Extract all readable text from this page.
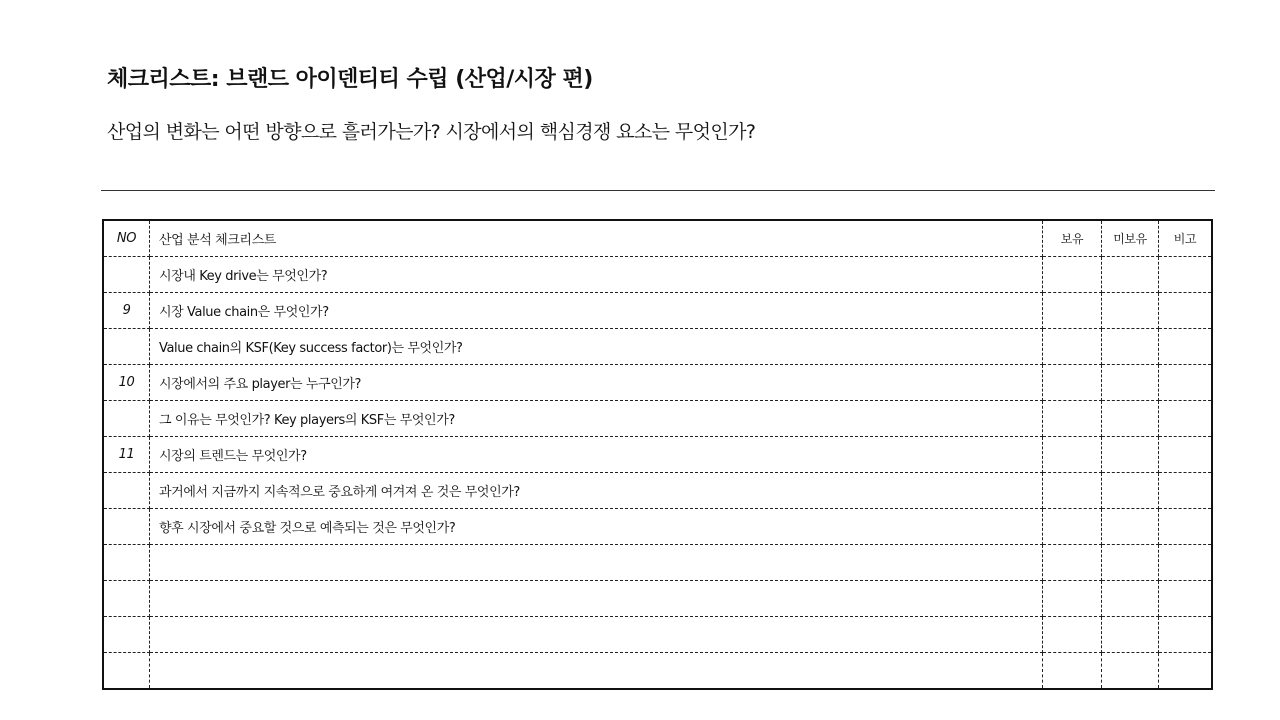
체크리스트: 브랜드 아이덴티티 수립 (산업/시장 편)
산업의 변화는 어떤 방향으로 흘러가는가? 시장에서의 핵심경쟁 요소는 무엇인가?
NO	산업 분석 체크리스트	보유	미보유	비고
	시장내 Key drive는 무엇인가?			
9	시장 Value chain은 무엇인가?			
	Value chain의 KSF(Key success factor)는 무엇인가?			
10	시장에서의 주요 player는 누구인가?			
	그 이유는 무엇인가? Key players의 KSF는 무엇인가?			
11	시장의 트렌드는 무엇인가?			
	과거에서 지금까지 지속적으로 중요하게 여겨져 온 것은 무엇인가?			
	향후 시장에서 중요할 것으로 예측되는 것은 무엇인가?			
